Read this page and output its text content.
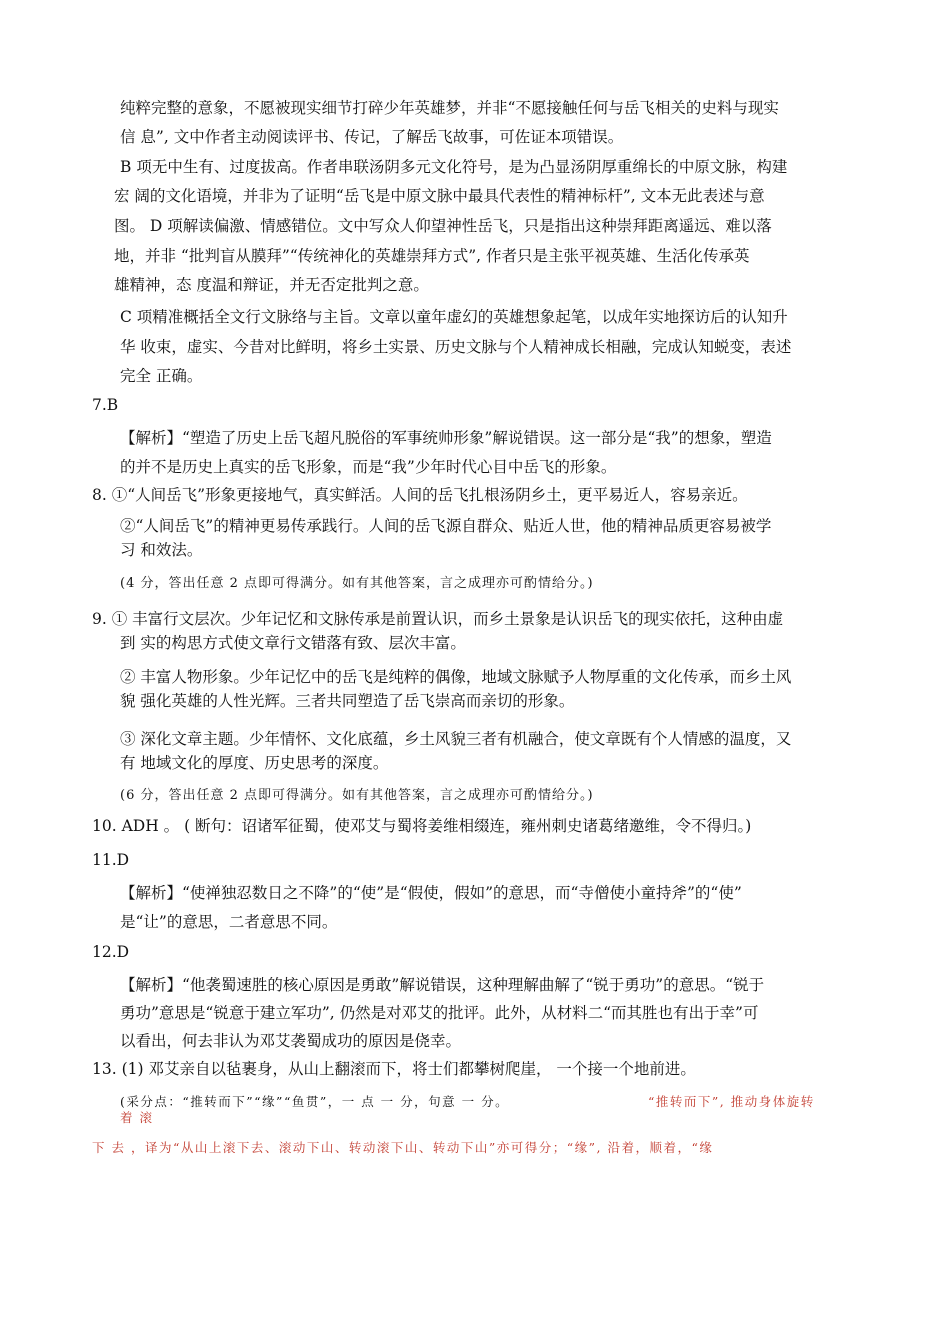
纯粹完整的意象，不愿被现实细节打碎少年英雄梦，并非“不愿接触任何与岳飞相关的史料与现实
信 息”, 文中作者主动阅读评书、传记，了解岳飞故事，可佐证本项错误。
B 项无中生有、过度拔高。作者串联汤阴多元文化符号，是为凸显汤阴厚重绵长的中原文脉，构建
宏 阔的文化语境，并非为了证明“岳飞是中原文脉中最具代表性的精神标杆”, 文本无此表述与意
图。 D 项解读偏激、情感错位。文中写众人仰望神性岳飞，只是指出这种崇拜距离遥远、难以落
地，并非 “批判盲从膜拜”“传统神化的英雄崇拜方式”, 作者只是主张平视英雄、生活化传承英
雄精神，态 度温和辩证，并无否定批判之意。
C 项精准概括全文行文脉络与主旨。文章以童年虚幻的英雄想象起笔，以成年实地探访后的认知升
华 收束，虚实、今昔对比鲜明，将乡土实景、历史文脉与个人精神成长相融，完成认知蜕变，表述
完全 正确。
7.B
【解析】“塑造了历史上岳飞超凡脱俗的军事统帅形象”解说错误。这一部分是“我”的想象，塑造
的并不是历史上真实的岳飞形象，而是“我”少年时代心目中岳飞的形象。
8. ①“人间岳飞”形象更接地气，真实鲜活。人间的岳飞扎根汤阴乡土，更平易近人，容易亲近。
②“人间岳飞”的精神更易传承践行。人间的岳飞源自群众、贴近人世，他的精神品质更容易被学
习 和效法。
(4 分，答出任意 2 点即可得满分。如有其他答案，言之成理亦可酌情给分。)
9. ① 丰富行文层次。少年记忆和文脉传承是前置认识，而乡土景象是认识岳飞的现实依托，这种由虚
到 实的构思方式使文章行文错落有致、层次丰富。
② 丰富人物形象。少年记忆中的岳飞是纯粹的偶像，地域文脉赋予人物厚重的文化传承，而乡土风
貌 强化英雄的人性光辉。三者共同塑造了岳飞崇高而亲切的形象。
③ 深化文章主题。少年情怀、文化底蕴，乡土风貌三者有机融合，使文章既有个人情感的温度，又
有 地域文化的厚度、历史思考的深度。
(6 分，答出任意 2 点即可得满分。如有其他答案，言之成理亦可酌情给分。)
10. ADH 。 ( 断句：诏诸军征蜀，使邓艾与蜀将姜维相缀连，雍州刺史诸葛绪邀维，令不得归。)
11.D
【解析】“使禅独忍数日之不降”的“使”是“假使，假如”的意思，而“寺僧使小童持斧”的“使”
是“让”的意思，二者意思不同。
12.D
【解析】“他袭蜀速胜的核心原因是勇敢”解说错误，这种理解曲解了“锐于勇功”的意思。“锐于
勇功”意思是“锐意于建立军功”, 仍然是对邓艾的批评。此外，从材料二“而其胜也有出于幸”可
以看出，何去非认为邓艾袭蜀成功的原因是侥幸。
13. (1) 邓艾亲自以毡裹身，从山上翻滚而下，将士们都攀树爬崖， 一个接一个地前进。
(采分点：“推转而下”“缘”“鱼贯”，一 点 一 分，句意 一 分。	“推转而下”, 推动身体旋转
着 滚
下 去 ，译为“从山上滚下去、滚动下山、转动滚下山、转动下山”亦可得分；“缘”, 沿着，顺着，“缘
